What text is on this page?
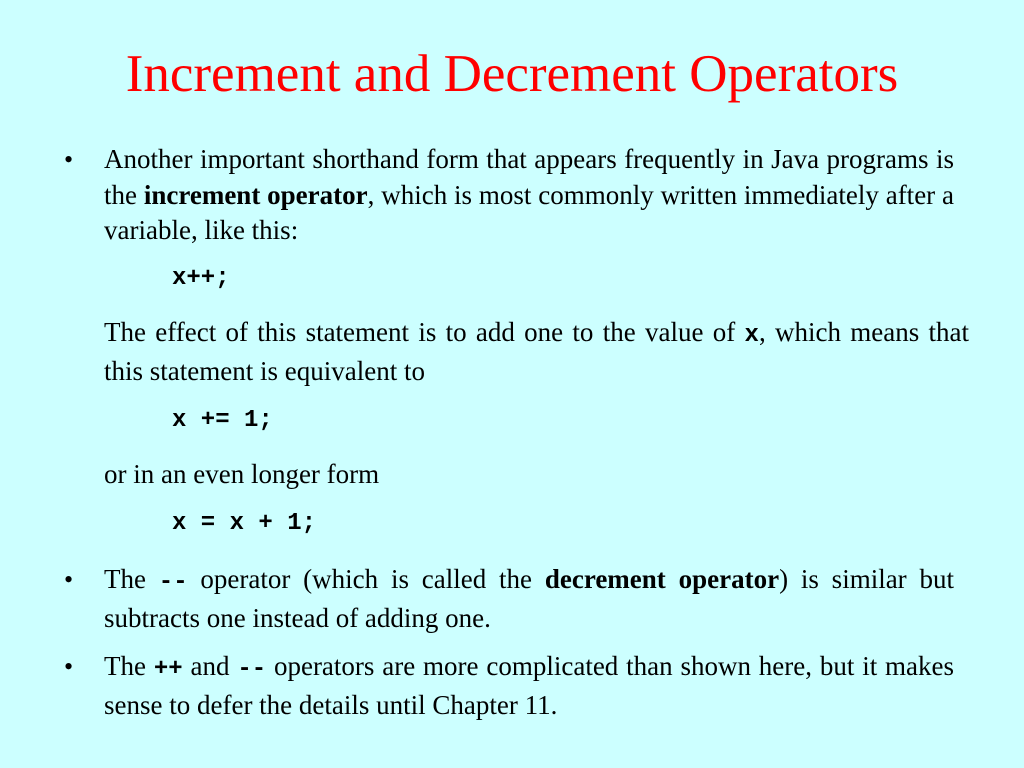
Increment and Decrement Operators
• Another important shorthand form that appears frequently in Java programs is the increment operator, which is most commonly written immediately after a variable, like this:
x++;
The effect of this statement is to add one to the value of x, which means that this statement is equivalent to
x += 1;
or in an even longer form
x = x + 1;
• The -- operator (which is called the decrement operator) is similar but subtracts one instead of adding one.
• The ++ and -- operators are more complicated than shown here, but it makes sense to defer the details until Chapter 11.
